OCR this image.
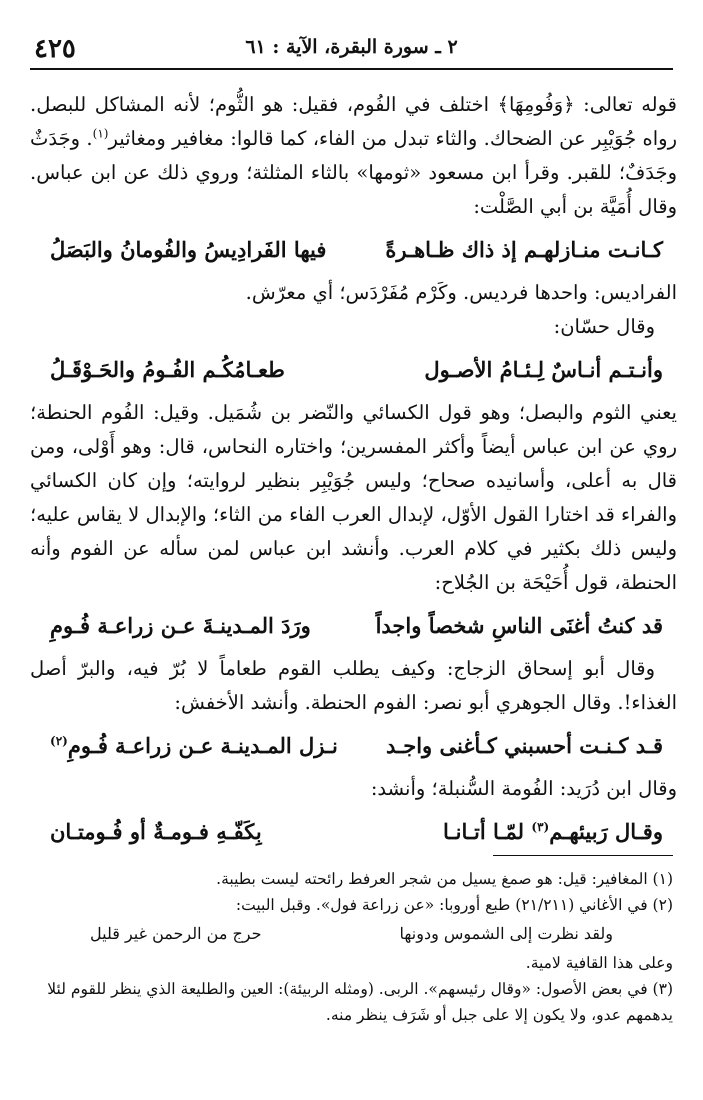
٤٢٥	٢ ـ سورة البقرة، الآية : ٦١

قوله تعالى: ﴿وَفُومِهَا﴾ اختلف في الفُوم، فقيل: هو الثُّوم؛ لأنه المشاكل للبصل. رواه جُوَيْبِر عن الضحاك. والثاء تبدل من الفاء، كما قالوا: مغافير ومغاثير$^{(١)}$. وجَدَثٌ وجَدَفٌ؛ للقبر. وقرأ ابن مسعود «ثومها» بالثاء المثلثة؛ وروي ذلك عن ابن عباس. وقال أُمَيَّة بن أبي الصَّلْت:

كـانـت منـازلهـم إذ ذاك ظـاهـرةً
فيها الفَرادِيسُ والفُومانُ والبَصَلُ

الفراديس: واحدها فرديس. وكَرْم مُفَرْدَس؛ أي معرّش.

وقال حسّان:

وأنـتـم أنـاسٌ لِـئـامُ الأصـول
طعـامُكُـم الفُـومُ والحَـوْقَـلُ

يعني الثوم والبصل؛ وهو قول الكسائي والنّضر بن شُمَيل. وقيل: الفُوم الحنطة؛ روي عن ابن عباس أيضاً وأكثر المفسرين؛ واختاره النحاس، قال: وهو أَوْلى، ومن قال به أعلى، وأسانيده صحاح؛ وليس جُوَيْبِر بنظير لروايته؛ وإن كان الكسائي والفراء قد اختارا القول الأوّل، لإبدال العرب الفاء من الثاء؛ والإبدال لا يقاس عليه؛ وليس ذلك بكثير في كلام العرب. وأنشد ابن عباس لمن سأله عن الفوم وأنه الحنطة، قول أُحَيْحَة بن الجُلاح:

قد كنتُ أغنَى الناسِ شخصاً واجداً
ورَدَ المـدينـةَ عـن زراعـة فُـومِ

وقال أبو إسحاق الزجاج: وكيف يطلب القوم طعاماً لا بُرّ فيه، والبرّ أصل الغذاء!. وقال الجوهري أبو نصر: الفوم الحنطة. وأنشد الأخفش:

قـد كـنـت أحسبني كـأغنى واجـد
نـزل المـدينـة عـن زراعـة فُـومِ$^{(٢)}$

وقال ابن دُرَيد: الفُومة السُّنبلة؛ وأنشد:

وقـال رَبيئهـم$^{(٣)}$ لمّـا أتـانـا
بِكَفّـهِ فـومـةٌ أو فُـومتـان

(١) المغافير: قيل: هو صمغ يسيل من شجر العرفط رائحته ليست بطيبة.

(٢) في الأغاني (٢١/٢١١) طبع أوروبا: «عن زراعة فول». وقبل البيت:

ولقد نظرت إلى الشموس ودونها
حرج من الرحمن غير قليل

وعلى هذا القافية لامية.

(٣) في بعض الأصول: «وقال رئيسهم». الربى. (ومثله الربيئة): العين والطليعة الذي ينظر للقوم لئلا يدهمهم عدو، ولا يكون إلا على جبل أو شَرَف ينظر منه.
